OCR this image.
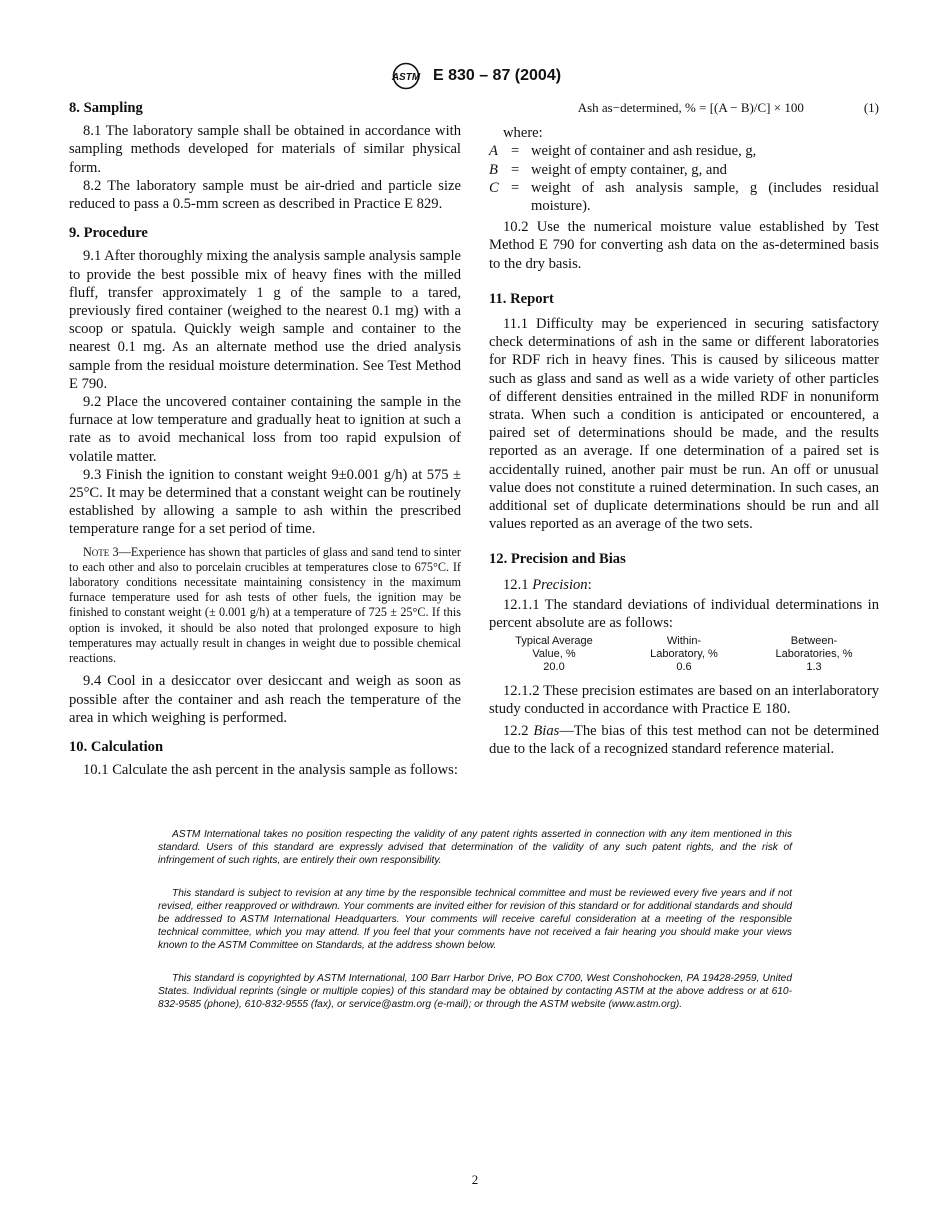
ASTM E 830 – 87 (2004)
8. Sampling

8.1 The laboratory sample shall be obtained in accordance with sampling methods developed for materials of similar physical form.

8.2 The laboratory sample must be air-dried and particle size reduced to pass a 0.5-mm screen as described in Practice E 829.

9. Procedure

9.1 After thoroughly mixing the analysis sample analysis sample to provide the best possible mix of heavy fines with the milled fluff, transfer approximately 1 g of the sample to a tared, previously fired container (weighed to the nearest 0.1 mg) with a scoop or spatula. Quickly weigh sample and container to the nearest 0.1 mg. As an alternate method use the dried analysis sample from the residual moisture determination. See Test Method E 790.

9.2 Place the uncovered container containing the sample in the furnace at low temperature and gradually heat to ignition at such a rate as to avoid mechanical loss from too rapid expulsion of volatile matter.

9.3 Finish the ignition to constant weight 9±0.001 g/h) at 575 ± 25°C. It may be determined that a constant weight can be routinely established by allowing a sample to ash within the prescribed temperature range for a set period of time.

Note 3—Experience has shown that particles of glass and sand tend to sinter to each other and also to porcelain crucibles at temperatures close to 675°C. If laboratory conditions necessitate maintaining consistency in the maximum furnace temperature used for ash tests of other fuels, the ignition may be finished to constant weight (± 0.001 g/h) at a temperature of 725 ± 25°C. If this option is invoked, it should be also noted that prolonged exposure to high temperatures may actually result in changes in weight due to possible chemical reactions.

9.4 Cool in a desiccator over desiccant and weigh as soon as possible after the container and ash reach the temperature of the area in which weighing is performed.

10. Calculation

10.1 Calculate the ash percent in the analysis sample as follows:

Ash as−determined, % = [(A − B)/C] × 100	(1)

where:

A = weight of container and ash residue, g,
B = weight of empty container, g, and
C = weight of ash analysis sample, g (includes residual moisture).

10.2 Use the numerical moisture value established by Test Method E 790 for converting ash data on the as-determined basis to the dry basis.

11. Report

11.1 Difficulty may be experienced in securing satisfactory check determinations of ash in the same or different laboratories for RDF rich in heavy fines. This is caused by siliceous matter such as glass and sand as well as a wide variety of other particles of different densities entrained in the milled RDF in nonuniform strata. When such a condition is anticipated or encountered, a paired set of determinations should be made, and the results reported as an average. If one determination of a paired set is accidentally ruined, another pair must be run. An off or unusual value does not constitute a ruined determination. In such cases, an additional set of duplicate determinations should be run and all values reported as an average of the two sets.

12. Precision and Bias

12.1 Precision:

12.1.1 The standard deviations of individual determinations in percent absolute are as follows:

Typical Average	Within-	Between-
Value, %	Laboratory, %	Laboratories, %
20.0	0.6	1.3

12.1.2 These precision estimates are based on an interlaboratory study conducted in accordance with Practice E 180.

12.2 Bias—The bias of this test method can not be determined due to the lack of a recognized standard reference material.

ASTM International takes no position respecting the validity of any patent rights asserted in connection with any item mentioned in this standard. Users of this standard are expressly advised that determination of the validity of any such patent rights, and the risk of infringement of such rights, are entirely their own responsibility.

This standard is subject to revision at any time by the responsible technical committee and must be reviewed every five years and if not revised, either reapproved or withdrawn. Your comments are invited either for revision of this standard or for additional standards and should be addressed to ASTM International Headquarters. Your comments will receive careful consideration at a meeting of the responsible technical committee, which you may attend. If you feel that your comments have not received a fair hearing you should make your views known to the ASTM Committee on Standards, at the address shown below.

This standard is copyrighted by ASTM International, 100 Barr Harbor Drive, PO Box C700, West Conshohocken, PA 19428-2959, United States. Individual reprints (single or multiple copies) of this standard may be obtained by contacting ASTM at the above address or at 610-832-9585 (phone), 610-832-9555 (fax), or service@astm.org (e-mail); or through the ASTM website (www.astm.org).

2
